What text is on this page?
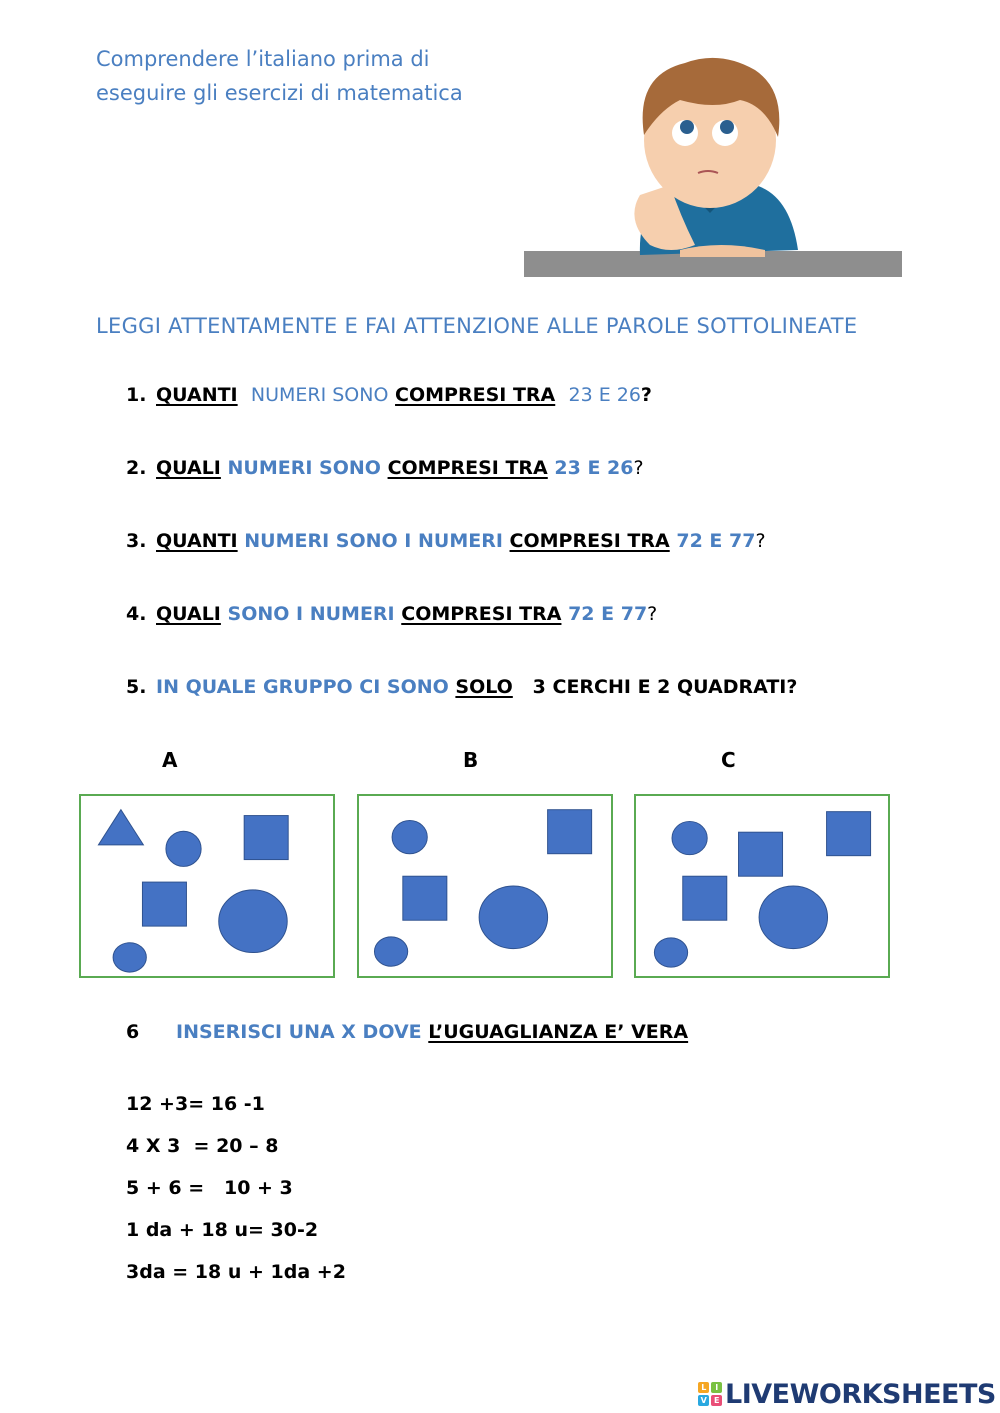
Comprendere l’italiano prima di
eseguire gli esercizi di matematica
LEGGI ATTENTAMENTE E FAI ATTENZIONE ALLE PAROLE SOTTOLINEATE
1. QUANTI NUMERI SONO COMPRESI TRA 23 E 26?
2. QUALI NUMERI SONO COMPRESI TRA 23 E 26?
3. QUANTI NUMERI SONO I NUMERI COMPRESI TRA 72 E 77?
4. QUALI SONO I NUMERI COMPRESI TRA 72 E 77?
5. IN QUALE GRUPPO CI SONO SOLO 3 CERCHI E 2 QUADRATI?
A	B	C
6 INSERISCI UNA X DOVE L’UGUAGLIANZA E’ VERA
12 +3= 16 -1
4 X 3  = 20 – 8
5 + 6 =   10 + 3
1 da + 18 u= 30-2
3da = 18 u + 1da +2
L	I
V E LIVEWORKSHEETS
